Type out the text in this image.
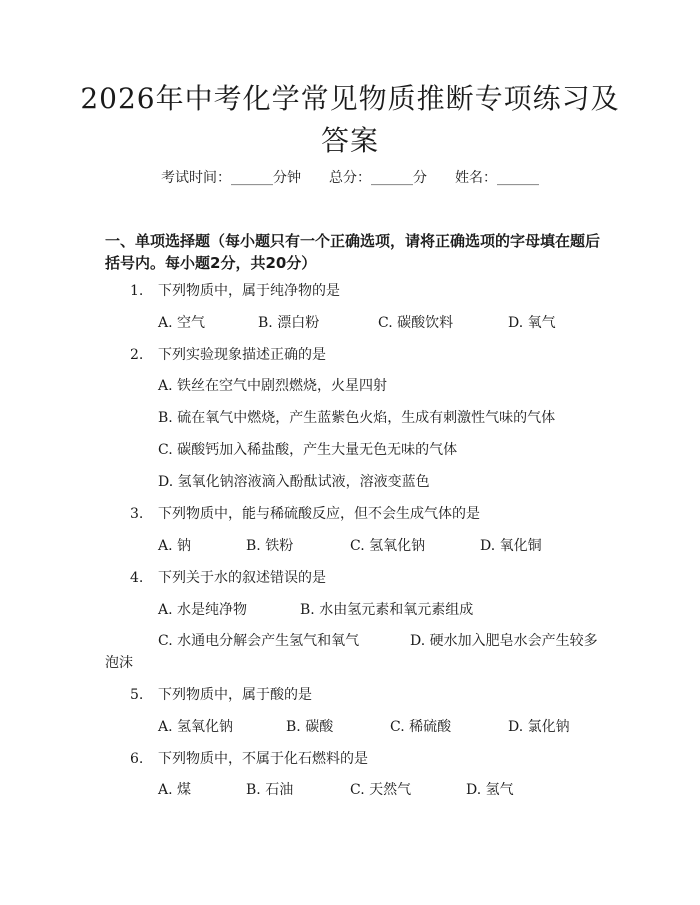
2026年中考化学常见物质推断专项练习及答案
考试时间：______分钟 总分：______分 姓名：______
一、单项选择题（每小题只有一个正确选项，请将正确选项的字母填在题后括号内。每小题2分，共20分）
1. 下列物质中，属于纯净物的是
A. 空气	B. 漂白粉	C. 碳酸饮料	D. 氧气
2. 下列实验现象描述正确的是
A. 铁丝在空气中剧烈燃烧，火星四射
B. 硫在氧气中燃烧，产生蓝紫色火焰，生成有刺激性气味的气体
C. 碳酸钙加入稀盐酸，产生大量无色无味的气体
D. 氢氧化钠溶液滴入酚酞试液，溶液变蓝色
3. 下列物质中，能与稀硫酸反应，但不会生成气体的是
A. 钠	B. 铁粉	C. 氢氧化钠	D. 氧化铜
4. 下列关于水的叙述错误的是
A. 水是纯净物	B. 水由氢元素和氧元素组成
C. 水通电分解会产生氢气和氧气	D. 硬水加入肥皂水会产生较多
泡沫
5. 下列物质中，属于酸的是
A. 氢氧化钠	B. 碳酸	C. 稀硫酸	D. 氯化钠
6. 下列物质中，不属于化石燃料的是
A. 煤	B. 石油	C. 天然气	D. 氢气
